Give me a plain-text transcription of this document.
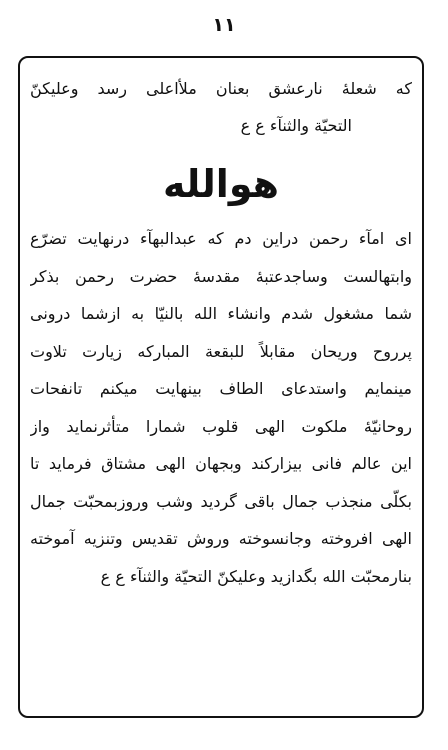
۱۱
که شعلهٔ نارعشق بعنان ملأاعلی رسد وعلیکنّ
التحیّة والثنآء ع ع
هوالله
ای امآء رحمن دراین دم که عبدالبهآء درنهایت تضرّع
وابتهالست وساجدعتبهٔ مقدسهٔ حضرت رحمن بذکر
شما مشغول شدم وانشاء الله بالنیّا به ازشما درونی
پرروح وریحان مقابلاً للبقعة المبارکه زیارت تلاوت
مینمایم واستدعای الطاف بینهایت میکنم تانفحات
روحانیّهٔ ملکوت الهی قلوب شمارا متأثرنماید واز
این عالم فانی بیزارکند وبجهان الهی مشتاق فرماید تا
بکلّی منجذب جمال باقی گردید وشب وروزبمحبّت جمال
الهی افروخته وجانسوخته وروش تقدیس وتنزیه آموخته
بنارمحبّت الله بگدازید وعلیکنّ التحیّة والثنآء ع ع
